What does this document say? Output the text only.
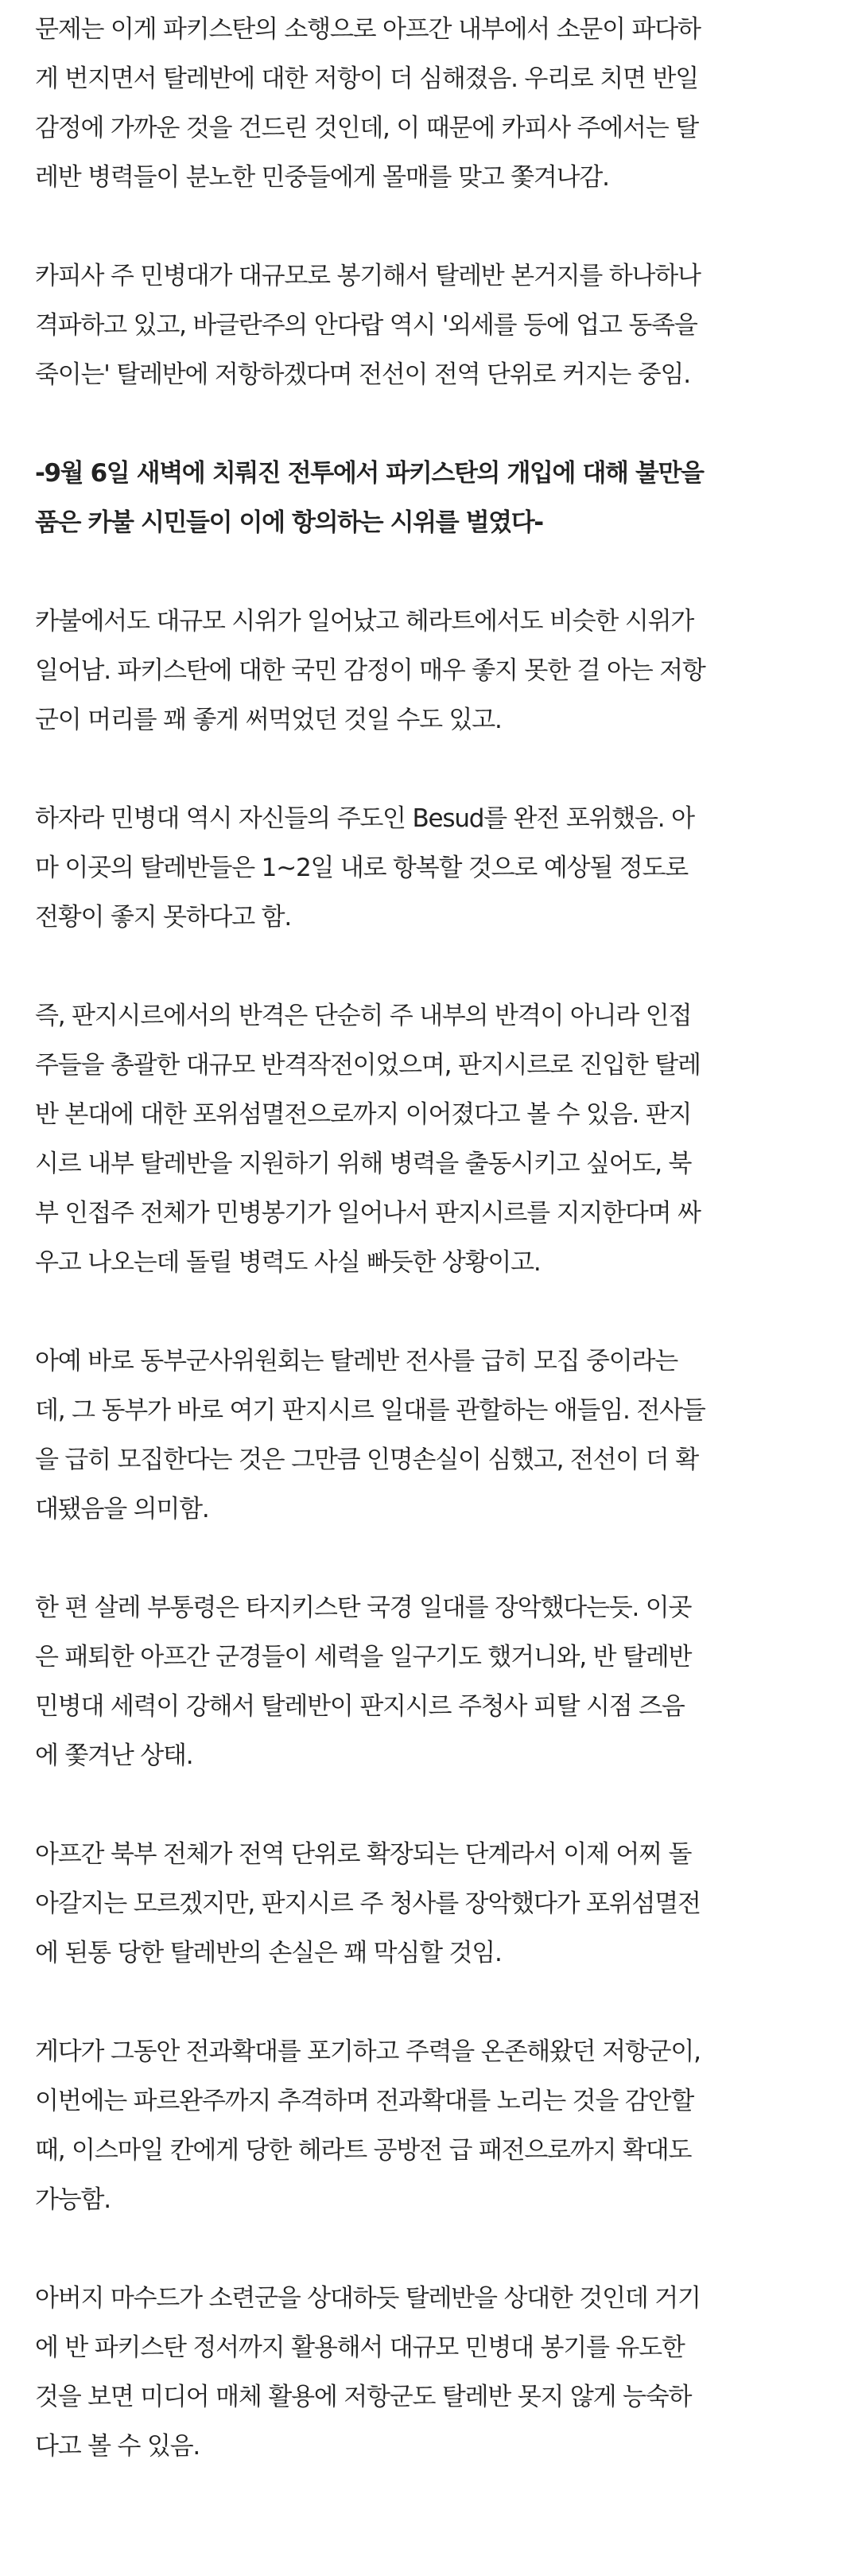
문제는 이게 파키스탄의 소행으로 아프간 내부에서 소문이 파다하
게 번지면서 탈레반에 대한 저항이 더 심해졌음. 우리로 치면 반일
감정에 가까운 것을 건드린 것인데, 이 때문에 카피사 주에서는 탈
레반 병력들이 분노한 민중들에게 몰매를 맞고 쫓겨나감.

카피사 주 민병대가 대규모로 봉기해서 탈레반 본거지를 하나하나
격파하고 있고, 바글란주의 안다랍 역시 '외세를 등에 업고 동족을
죽이는' 탈레반에 저항하겠다며 전선이 전역 단위로 커지는 중임.

-9월 6일 새벽에 치뤄진 전투에서 파키스탄의 개입에 대해 불만을
품은 카불 시민들이 이에 항의하는 시위를 벌였다-

카불에서도 대규모 시위가 일어났고 헤라트에서도 비슷한 시위가
일어남. 파키스탄에 대한 국민 감정이 매우 좋지 못한 걸 아는 저항
군이 머리를 꽤 좋게 써먹었던 것일 수도 있고.

하자라 민병대 역시 자신들의 주도인 Besud를 완전 포위했음. 아
마 이곳의 탈레반들은 1~2일 내로 항복할 것으로 예상될 정도로
전황이 좋지 못하다고 함.

즉, 판지시르에서의 반격은 단순히 주 내부의 반격이 아니라 인접
주들을 총괄한 대규모 반격작전이었으며, 판지시르로 진입한 탈레
반 본대에 대한 포위섬멸전으로까지 이어졌다고 볼 수 있음. 판지
시르 내부 탈레반을 지원하기 위해 병력을 출동시키고 싶어도, 북
부 인접주 전체가 민병봉기가 일어나서 판지시르를 지지한다며 싸
우고 나오는데 돌릴 병력도 사실 빠듯한 상황이고.

아예 바로 동부군사위원회는 탈레반 전사를 급히 모집 중이라는
데, 그 동부가 바로 여기 판지시르 일대를 관할하는 애들임. 전사들
을 급히 모집한다는 것은 그만큼 인명손실이 심했고, 전선이 더 확
대됐음을 의미함.

한 편 살레 부통령은 타지키스탄 국경 일대를 장악했다는듯. 이곳
은 패퇴한 아프간 군경들이 세력을 일구기도 했거니와, 반 탈레반
민병대 세력이 강해서 탈레반이 판지시르 주청사 피탈 시점 즈음
에 쫓겨난 상태.

아프간 북부 전체가 전역 단위로 확장되는 단계라서 이제 어찌 돌
아갈지는 모르겠지만, 판지시르 주 청사를 장악했다가 포위섬멸전
에 된통 당한 탈레반의 손실은 꽤 막심할 것임.

게다가 그동안 전과확대를 포기하고 주력을 온존해왔던 저항군이,
이번에는 파르완주까지 추격하며 전과확대를 노리는 것을 감안할
때, 이스마일 칸에게 당한 헤라트 공방전 급 패전으로까지 확대도
가능함.

아버지 마수드가 소련군을 상대하듯 탈레반을 상대한 것인데 거기
에 반 파키스탄 정서까지 활용해서 대규모 민병대 봉기를 유도한
것을 보면 미디어 매체 활용에 저항군도 탈레반 못지 않게 능숙하
다고 볼 수 있음.
